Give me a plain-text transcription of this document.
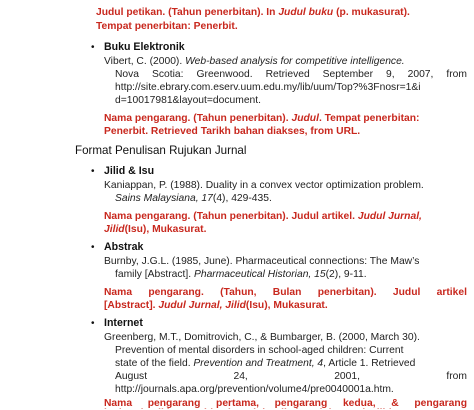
Judul petikan. (Tahun penerbitan). In Judul buku (p. mukasurat).
Tempat penerbitan: Penerbit.
• Buku Elektronik
Vibert, C. (2000). Web-based analysis for competitive intelligence.
Nova Scotia: Greenwood. Retrieved September 9, 2007, from
http://site.ebrary.com.eserv.uum.edu.my/lib/uum/Top?%3Fnosr=1&i
d=10017981&layout=document.
Nama pengarang. (Tahun penerbitan). Judul. Tempat penerbitan:
Penerbit. Retrieved Tarikh bahan diakses, from URL.
Format Penulisan Rujukan Jurnal
• Jilid & Isu
Kaniappan, P. (1988). Duality in a convex vector optimization problem.
Sains Malaysiana, 17(4), 429-435.
Nama pengarang. (Tahun penerbitan). Judul artikel. Judul Jurnal,
Jilid(Isu), Mukasurat.
• Abstrak
Burnby, J.G.L. (1985, June). Pharmaceutical connections: The Maw’s
family [Abstract]. Pharmaceutical Historian, 15(2), 9-11.
Nama pengarang. (Tahun, Bulan penerbitan). Judul artikel
[Abstract]. Judul Jurnal, Jilid(Isu), Mukasurat.
• Internet
Greenberg, M.T., Domitrovich, C., & Bumbarger, B. (2000, March 30).
Prevention of mental disorders in school-aged children: Current
state of the field. Prevention and Treatment, 4, Article 1. Retrieved
August	24,	2001,	from
http://journals.apa.org/prevention/volume4/pre0040001a.htm.
Nama pengarang pertama, pengarang kedua, & pengarang
